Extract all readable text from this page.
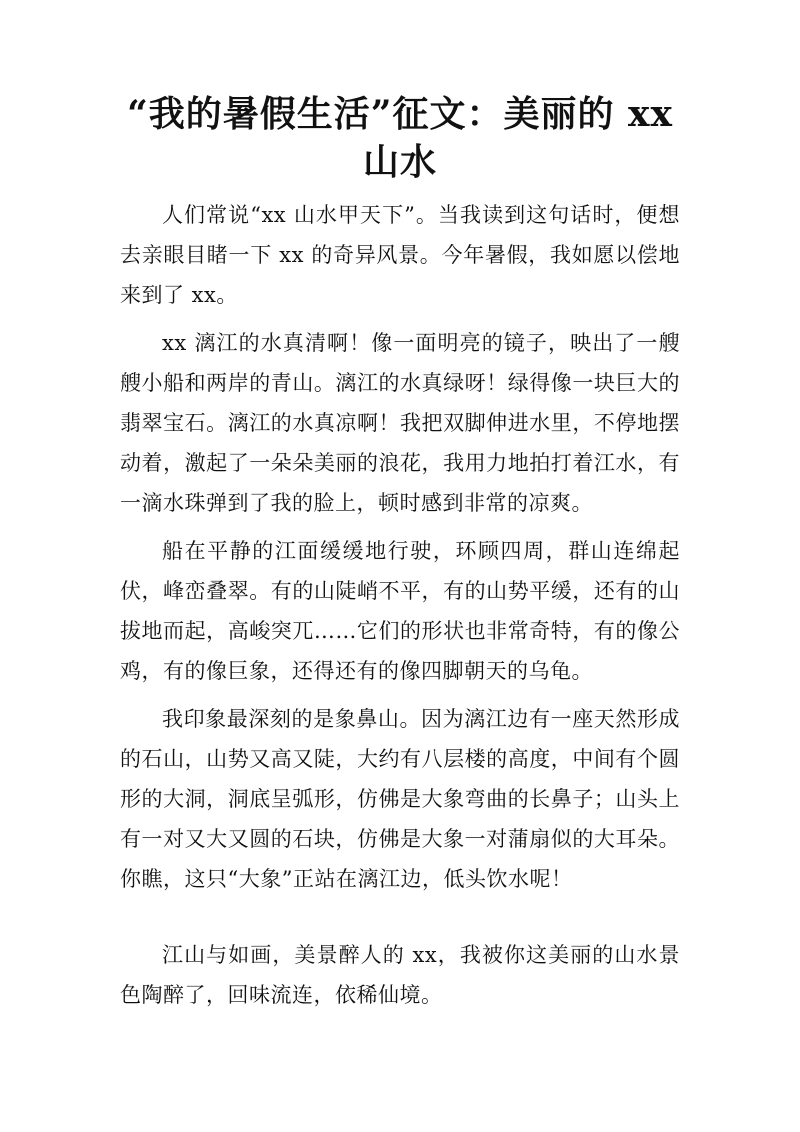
“我的暑假生活”征文：美丽的 xx 山水

人们常说“xx 山水甲天下”。当我读到这句话时，便想去亲眼目睹一下 xx 的奇异风景。今年暑假，我如愿以偿地来到了 xx。

xx 漓江的水真清啊！像一面明亮的镜子，映出了一艘艘小船和两岸的青山。漓江的水真绿呀！绿得像一块巨大的翡翠宝石。漓江的水真凉啊！我把双脚伸进水里，不停地摆动着，激起了一朵朵美丽的浪花，我用力地拍打着江水，有一滴水珠弹到了我的脸上，顿时感到非常的凉爽。

船在平静的江面缓缓地行驶，环顾四周，群山连绵起伏，峰峦叠翠。有的山陡峭不平，有的山势平缓，还有的山拔地而起，高峻突兀……它们的形状也非常奇特，有的像公鸡，有的像巨象，还得还有的像四脚朝天的乌龟。

我印象最深刻的是象鼻山。因为漓江边有一座天然形成的石山，山势又高又陡，大约有八层楼的高度，中间有个圆形的大洞，洞底呈弧形，仿佛是大象弯曲的长鼻子；山头上有一对又大又圆的石块，仿佛是大象一对蒲扇似的大耳朵。你瞧，这只“大象”正站在漓江边，低头饮水呢！

江山与如画，美景醉人的 xx，我被你这美丽的山水景色陶醉了，回味流连，依稀仙境。
